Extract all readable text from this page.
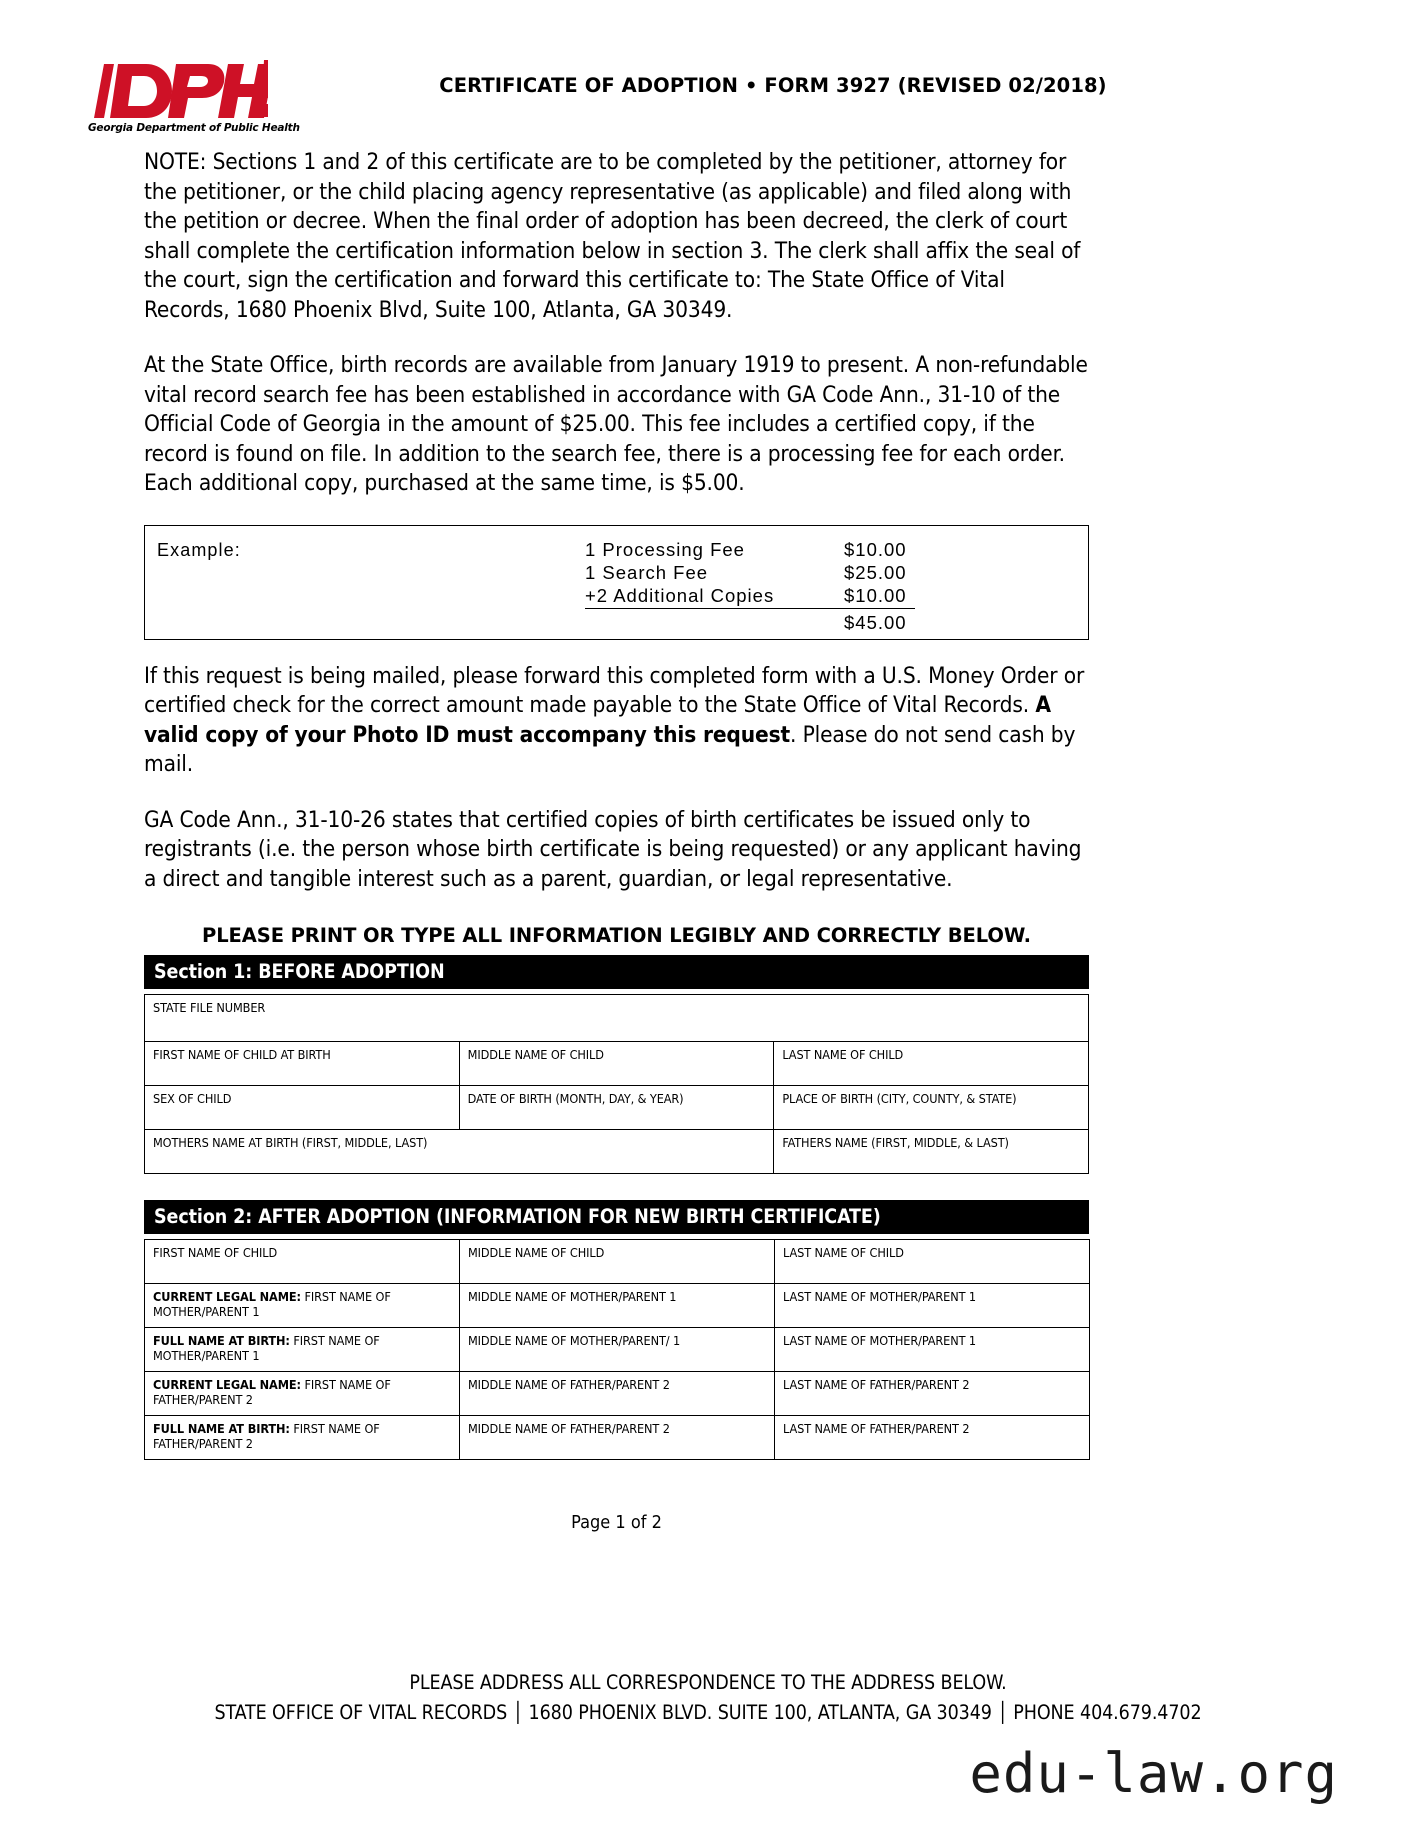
Georgia Department of Public Health
CERTIFICATE OF ADOPTION • FORM 3927 (REVISED 02/2018)

NOTE: Sections 1 and 2 of this certificate are to be completed by the petitioner, attorney for the petitioner, or the child placing agency representative (as applicable) and filed along with the petition or decree. When the final order of adoption has been decreed, the clerk of court shall complete the certification information below in section 3. The clerk shall affix the seal of the court, sign the certification and forward this certificate to: The State Office of Vital Records, 1680 Phoenix Blvd, Suite 100, Atlanta, GA 30349.

At the State Office, birth records are available from January 1919 to present. A non-refundable vital record search fee has been established in accordance with GA Code Ann., 31-10 of the Official Code of Georgia in the amount of $25.00. This fee includes a certified copy, if the record is found on file. In addition to the search fee, there is a processing fee for each order. Each additional copy, purchased at the same time, is $5.00.

Example:	1 Processing Fee	$10.00
1 Search Fee	$25.00
+2 Additional Copies	$10.00
$45.00

If this request is being mailed, please forward this completed form with a U.S. Money Order or certified check for the correct amount made payable to the State Office of Vital Records. A valid copy of your Photo ID must accompany this request. Please do not send cash by mail.

GA Code Ann., 31-10-26 states that certified copies of birth certificates be issued only to registrants (i.e. the person whose birth certificate is being requested) or any applicant having a direct and tangible interest such as a parent, guardian, or legal representative.

PLEASE PRINT OR TYPE ALL INFORMATION LEGIBLY AND CORRECTLY BELOW.
Section 1: BEFORE ADOPTION
STATE FILE NUMBER		
FIRST NAME OF CHILD AT BIRTH	MIDDLE NAME OF CHILD	LAST NAME OF CHILD
SEX OF CHILD	DATE OF BIRTH (MONTH, DAY, & YEAR)	PLACE OF BIRTH (CITY, COUNTY, & STATE)
MOTHERS NAME AT BIRTH (FIRST, MIDDLE, LAST)		FATHERS NAME (FIRST, MIDDLE, & LAST)
Section 2: AFTER ADOPTION (INFORMATION FOR NEW BIRTH CERTIFICATE)
FIRST NAME OF CHILD	MIDDLE NAME OF CHILD	LAST NAME OF CHILD
CURRENT LEGAL NAME: FIRST NAME OF MOTHER/PARENT 1	MIDDLE NAME OF MOTHER/PARENT 1	LAST NAME OF MOTHER/PARENT 1
FULL NAME AT BIRTH: FIRST NAME OF MOTHER/PARENT 1	MIDDLE NAME OF MOTHER/PARENT/ 1	LAST NAME OF MOTHER/PARENT 1
CURRENT LEGAL NAME: FIRST NAME OF FATHER/PARENT 2	MIDDLE NAME OF FATHER/PARENT 2	LAST NAME OF FATHER/PARENT 2
FULL NAME AT BIRTH: FIRST NAME OF FATHER/PARENT 2	MIDDLE NAME OF FATHER/PARENT 2	LAST NAME OF FATHER/PARENT 2
Page 1 of 2
PLEASE ADDRESS ALL CORRESPONDENCE TO THE ADDRESS BELOW.
STATE OFFICE OF VITAL RECORDS │ 1680 PHOENIX BLVD. SUITE 100, ATLANTA, GA 30349 │ PHONE 404.679.4702
edu-law.org
